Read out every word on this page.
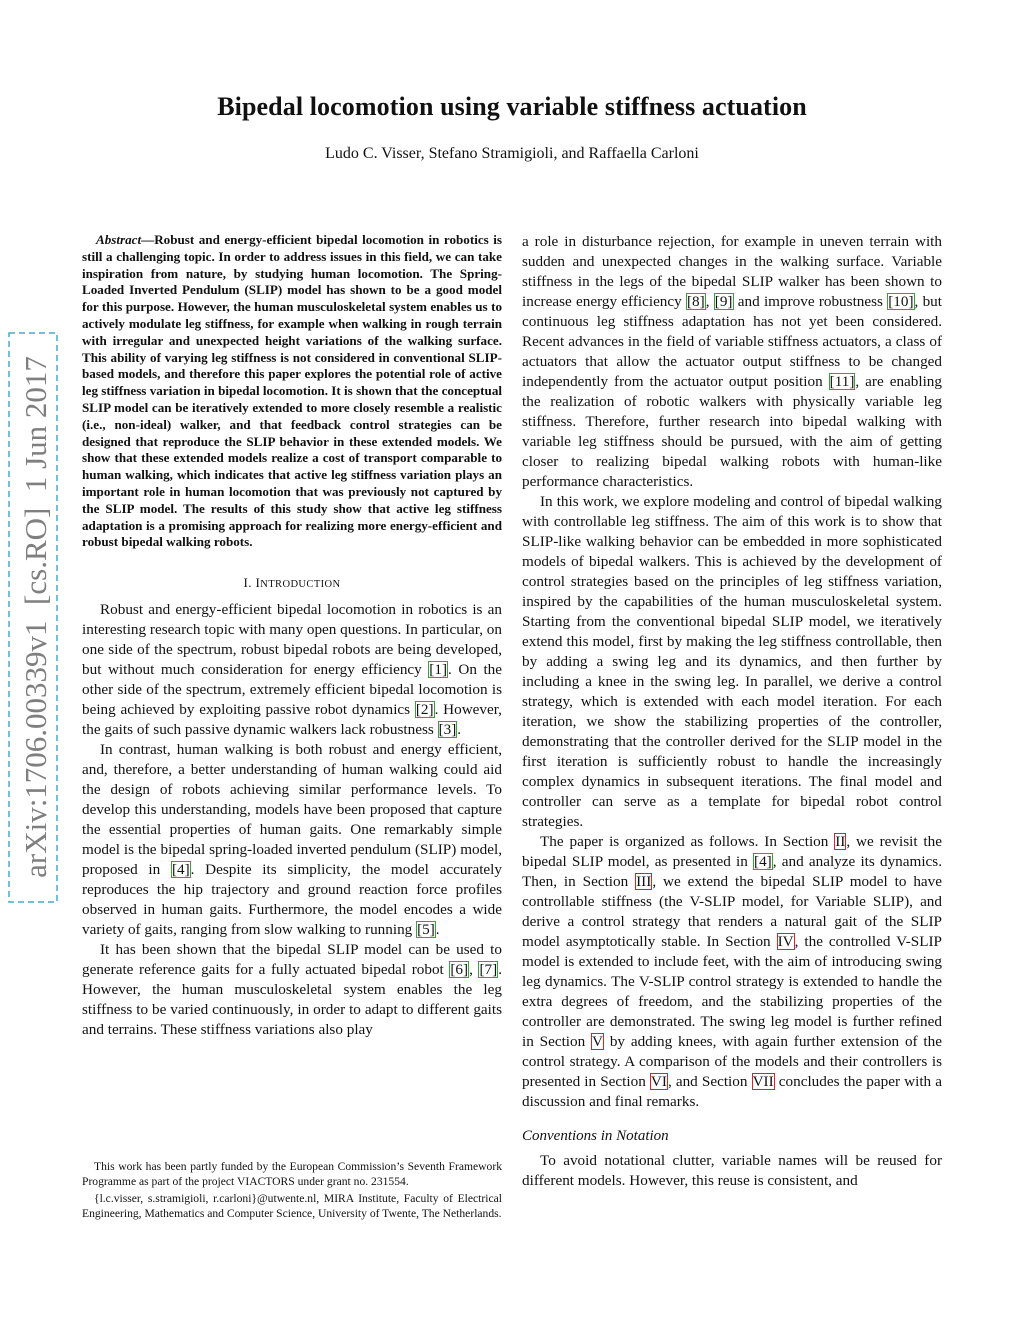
arXiv:1706.00339v1  [cs.RO]  1 Jun 2017
Bipedal locomotion using variable stiffness actuation
Ludo C. Visser, Stefano Stramigioli, and Raffaella Carloni

Abstract—Robust and energy-efficient bipedal locomotion in robotics is still a challenging topic. In order to address issues in this field, we can take inspiration from nature, by studying human locomotion. The Spring-Loaded Inverted Pendulum (SLIP) model has shown to be a good model for this purpose. However, the human musculoskeletal system enables us to actively modulate leg stiffness, for example when walking in rough terrain with irregular and unexpected height variations of the walking surface. This ability of varying leg stiffness is not considered in conventional SLIP-based models, and therefore this paper explores the potential role of active leg stiffness variation in bipedal locomotion. It is shown that the conceptual SLIP model can be iteratively extended to more closely resemble a realistic (i.e., non-ideal) walker, and that feedback control strategies can be designed that reproduce the SLIP behavior in these extended models. We show that these extended models realize a cost of transport comparable to human walking, which indicates that active leg stiffness variation plays an important role in human locomotion that was previously not captured by the SLIP model. The results of this study show that active leg stiffness adaptation is a promising approach for realizing more energy-efficient and robust bipedal walking robots.

I. INTRODUCTION

Robust and energy-efficient bipedal locomotion in robotics is an interesting research topic with many open questions. In particular, on one side of the spectrum, robust bipedal robots are being developed, but without much consideration for energy efficiency [1]. On the other side of the spectrum, extremely efficient bipedal locomotion is being achieved by exploiting passive robot dynamics [2]. However, the gaits of such passive dynamic walkers lack robustness [3].

In contrast, human walking is both robust and energy efficient, and, therefore, a better understanding of human walking could aid the design of robots achieving similar performance levels. To develop this understanding, models have been proposed that capture the essential properties of human gaits. One remarkably simple model is the bipedal spring-loaded inverted pendulum (SLIP) model, proposed in [4]. Despite its simplicity, the model accurately reproduces the hip trajectory and ground reaction force profiles observed in human gaits. Furthermore, the model encodes a wide variety of gaits, ranging from slow walking to running [5].

It has been shown that the bipedal SLIP model can be used to generate reference gaits for a fully actuated bipedal robot [6], [7]. However, the human musculoskeletal system enables the leg stiffness to be varied continuously, in order to adapt to different gaits and terrains. These stiffness variations also play

This work has been partly funded by the European Commission’s Seventh Framework Programme as part of the project VIACTORS under grant no. 231554.

{l.c.visser, s.stramigioli, r.carloni}@utwente.nl, MIRA Institute, Faculty of Electrical Engineering, Mathematics and Computer Science, University of Twente, The Netherlands.

a role in disturbance rejection, for example in uneven terrain with sudden and unexpected changes in the walking surface. Variable stiffness in the legs of the bipedal SLIP walker has been shown to increase energy efficiency [8], [9] and improve robustness [10], but continuous leg stiffness adaptation has not yet been considered. Recent advances in the field of variable stiffness actuators, a class of actuators that allow the actuator output stiffness to be changed independently from the actuator output position [11], are enabling the realization of robotic walkers with physically variable leg stiffness. Therefore, further research into bipedal walking with variable leg stiffness should be pursued, with the aim of getting closer to realizing bipedal walking robots with human-like performance characteristics.

In this work, we explore modeling and control of bipedal walking with controllable leg stiffness. The aim of this work is to show that SLIP-like walking behavior can be embedded in more sophisticated models of bipedal walkers. This is achieved by the development of control strategies based on the principles of leg stiffness variation, inspired by the capabilities of the human musculoskeletal system. Starting from the conventional bipedal SLIP model, we iteratively extend this model, first by making the leg stiffness controllable, then by adding a swing leg and its dynamics, and then further by including a knee in the swing leg. In parallel, we derive a control strategy, which is extended with each model iteration. For each iteration, we show the stabilizing properties of the controller, demonstrating that the controller derived for the SLIP model in the first iteration is sufficiently robust to handle the increasingly complex dynamics in subsequent iterations. The final model and controller can serve as a template for bipedal robot control strategies.

The paper is organized as follows. In Section II, we revisit the bipedal SLIP model, as presented in [4], and analyze its dynamics. Then, in Section III, we extend the bipedal SLIP model to have controllable stiffness (the V-SLIP model, for Variable SLIP), and derive a control strategy that renders a natural gait of the SLIP model asymptotically stable. In Section IV, the controlled V-SLIP model is extended to include feet, with the aim of introducing swing leg dynamics. The V-SLIP control strategy is extended to handle the extra degrees of freedom, and the stabilizing properties of the controller are demonstrated. The swing leg model is further refined in Section V by adding knees, with again further extension of the control strategy. A comparison of the models and their controllers is presented in Section VI, and Section VII concludes the paper with a discussion and final remarks.

Conventions in Notation

To avoid notational clutter, variable names will be reused for different models. However, this reuse is consistent, and
